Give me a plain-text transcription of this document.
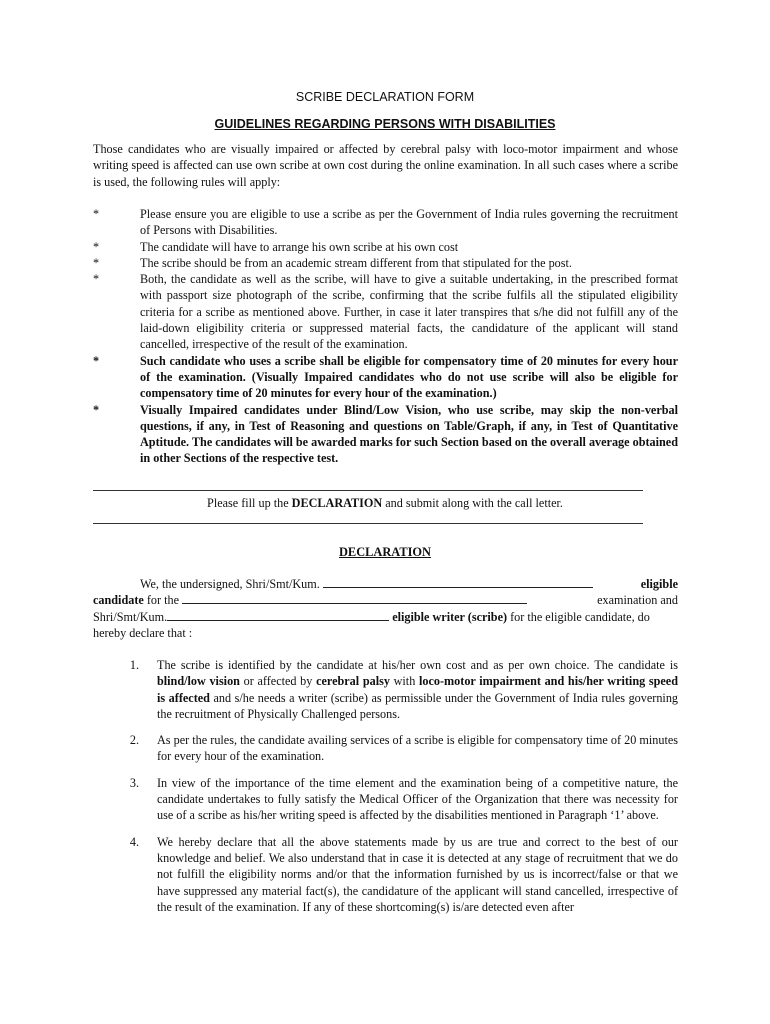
SCRIBE DECLARATION FORM
GUIDELINES REGARDING PERSONS WITH DISABILITIES
Those candidates who are visually impaired or affected by cerebral palsy with loco-motor impairment and whose writing speed is affected can use own scribe at own cost during the online examination. In all such cases where a scribe is used, the following rules will apply:
*	Please ensure you are eligible to use a scribe as per the Government of India rules governing the recruitment of Persons with Disabilities.
*	The candidate will have to arrange his own scribe at his own cost
*	The scribe should be from an academic stream different from that stipulated for the post.
*	Both, the candidate as well as the scribe, will have to give a suitable undertaking, in the prescribed format with passport size photograph of the scribe, confirming that the scribe fulfils all the stipulated eligibility criteria for a scribe as mentioned above. Further, in case it later transpires that s/he did not fulfill any of the laid-down eligibility criteria or suppressed material facts, the candidature of the applicant will stand cancelled, irrespective of the result of the examination.
*	Such candidate who uses a scribe shall be eligible for compensatory time of 20 minutes for every hour of the examination. (Visually Impaired candidates who do not use scribe will also be eligible for compensatory time of 20 minutes for every hour of the examination.)
*	Visually Impaired candidates under Blind/Low Vision, who use scribe, may skip the non-verbal questions, if any, in Test of Reasoning and questions on Table/Graph, if any, in Test of Quantitative Aptitude. The candidates will be awarded marks for such Section based on the overall average obtained in other Sections of the respective test.
Please fill up the DECLARATION and submit along with the call letter.
DECLARATION
We, the undersigned, Shri/Smt/Kum.	eligible
candidate for the	examination and
Shri/Smt/Kum.	eligible writer (scribe) for the eligible candidate, do
hereby declare that :
1.	The scribe is identified by the candidate at his/her own cost and as per own choice. The candidate is blind/low vision or affected by cerebral palsy with loco-motor impairment and his/her writing speed is affected and s/he needs a writer (scribe) as permissible under the Government of India rules governing the recruitment of Physically Challenged persons.
2.	As per the rules, the candidate availing services of a scribe is eligible for compensatory time of 20 minutes for every hour of the examination.
3.	In view of the importance of the time element and the examination being of a competitive nature, the candidate undertakes to fully satisfy the Medical Officer of the Organization that there was necessity for use of a scribe as his/her writing speed is affected by the disabilities mentioned in Paragraph ‘1’ above.
4.	We hereby declare that all the above statements made by us are true and correct to the best of our knowledge and belief. We also understand that in case it is detected at any stage of recruitment that we do not fulfill the eligibility norms and/or that the information furnished by us is incorrect/false or that we have suppressed any material fact(s), the candidature of the applicant will stand cancelled, irrespective of the result of the examination. If any of these shortcoming(s) is/are detected even after
